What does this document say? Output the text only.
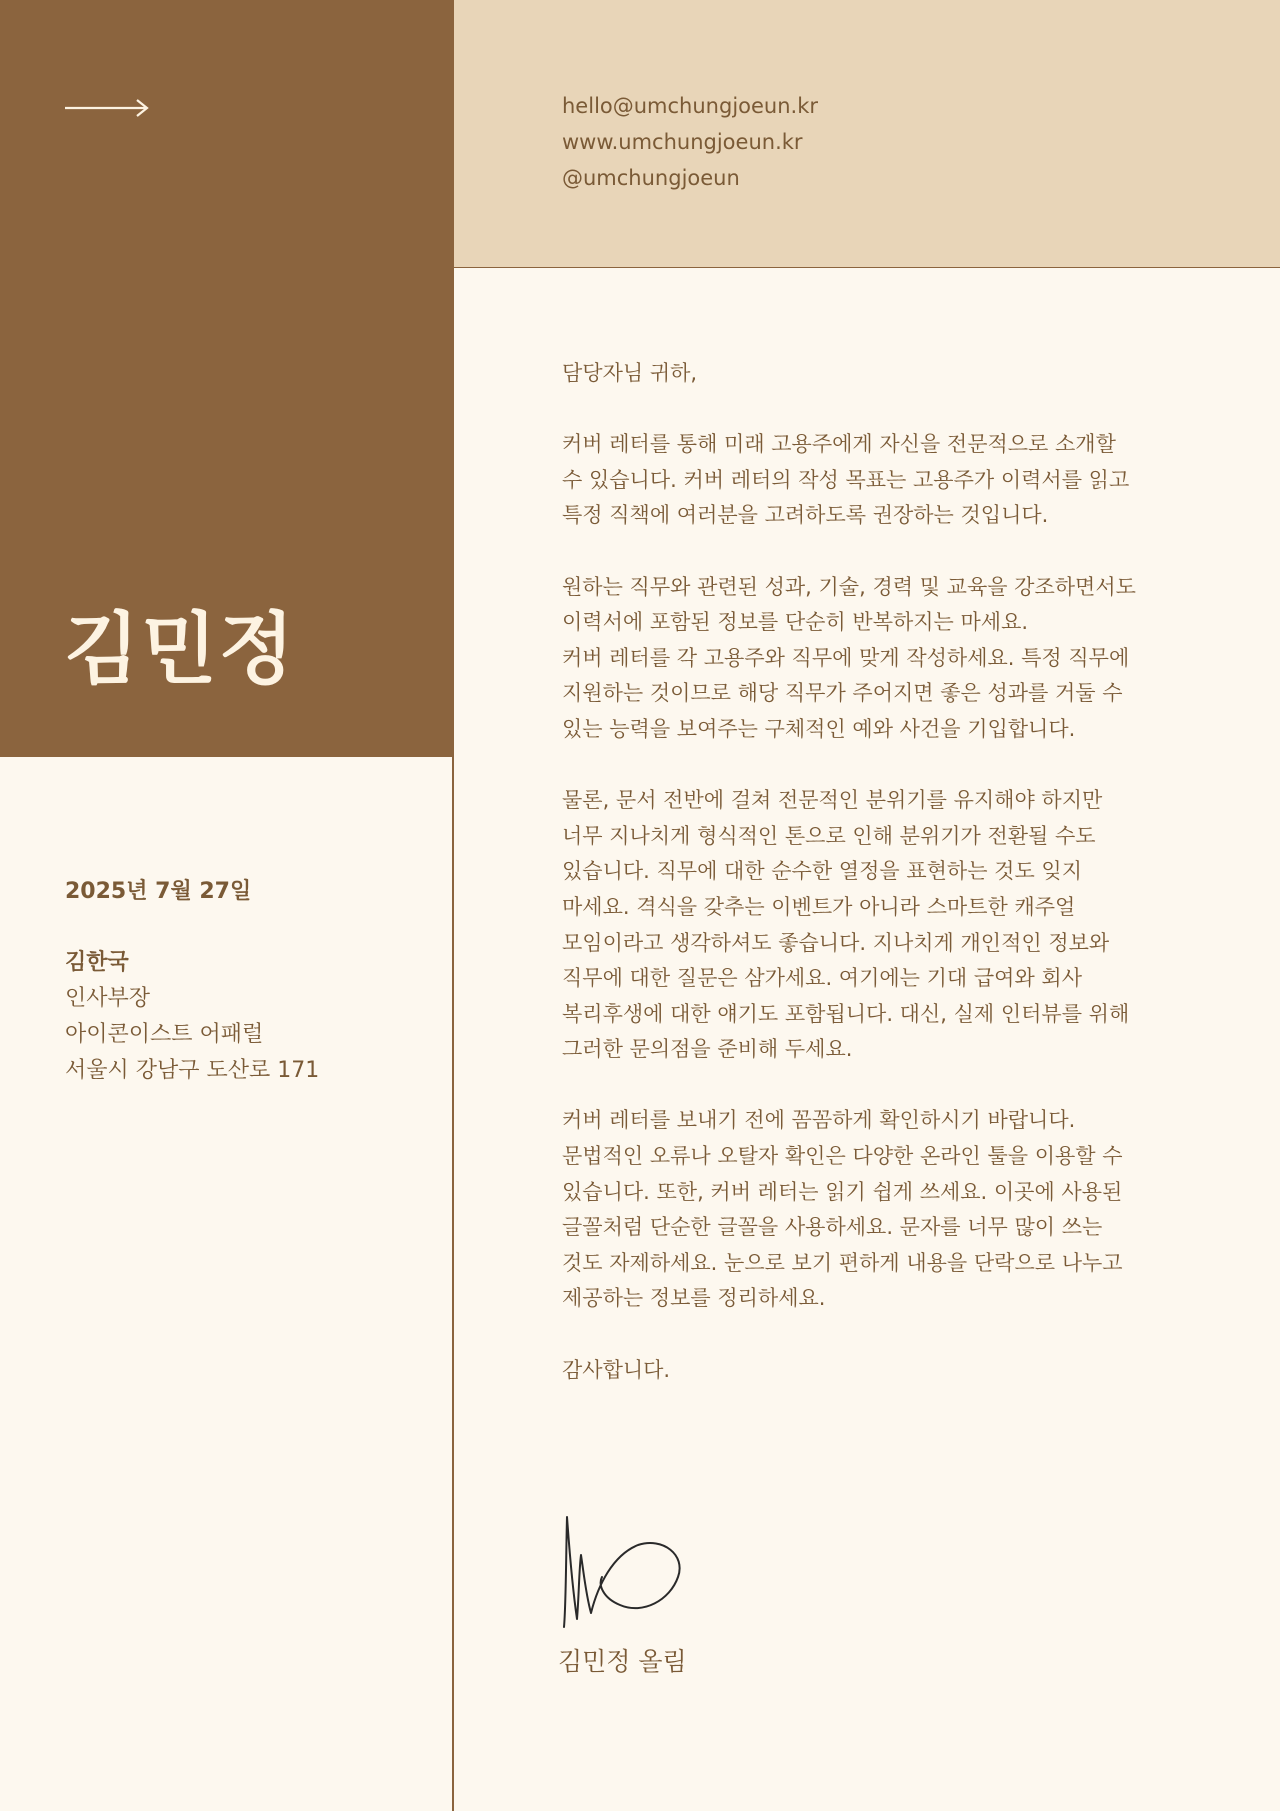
김민정
hello@umchungjoeun.kr
www.umchungjoeun.kr
@umchungjoeun
2025년 7월 27일
김한국
인사부장
아이콘이스트 어패럴
서울시 강남구 도산로 171

담당자님 귀하,

커버 레터를 통해 미래 고용주에게 자신을 전문적으로 소개할
수 있습니다. 커버 레터의 작성 목표는 고용주가 이력서를 읽고
특정 직책에 여러분을 고려하도록 권장하는 것입니다.

원하는 직무와 관련된 성과, 기술, 경력 및 교육을 강조하면서도
이력서에 포함된 정보를 단순히 반복하지는 마세요.
커버 레터를 각 고용주와 직무에 맞게 작성하세요. 특정 직무에
지원하는 것이므로 해당 직무가 주어지면 좋은 성과를 거둘 수
있는 능력을 보여주는 구체적인 예와 사건을 기입합니다.

물론, 문서 전반에 걸쳐 전문적인 분위기를 유지해야 하지만
너무 지나치게 형식적인 톤으로 인해 분위기가 전환될 수도
있습니다. 직무에 대한 순수한 열정을 표현하는 것도 잊지
마세요. 격식을 갖추는 이벤트가 아니라 스마트한 캐주얼
모임이라고 생각하셔도 좋습니다. 지나치게 개인적인 정보와
직무에 대한 질문은 삼가세요. 여기에는 기대 급여와 회사
복리후생에 대한 얘기도 포함됩니다. 대신, 실제 인터뷰를 위해
그러한 문의점을 준비해 두세요.

커버 레터를 보내기 전에 꼼꼼하게 확인하시기 바랍니다.
문법적인 오류나 오탈자 확인은 다양한 온라인 툴을 이용할 수
있습니다. 또한, 커버 레터는 읽기 쉽게 쓰세요. 이곳에 사용된
글꼴처럼 단순한 글꼴을 사용하세요. 문자를 너무 많이 쓰는
것도 자제하세요. 눈으로 보기 편하게 내용을 단락으로 나누고
제공하는 정보를 정리하세요.

감사합니다.

김민정 올림
